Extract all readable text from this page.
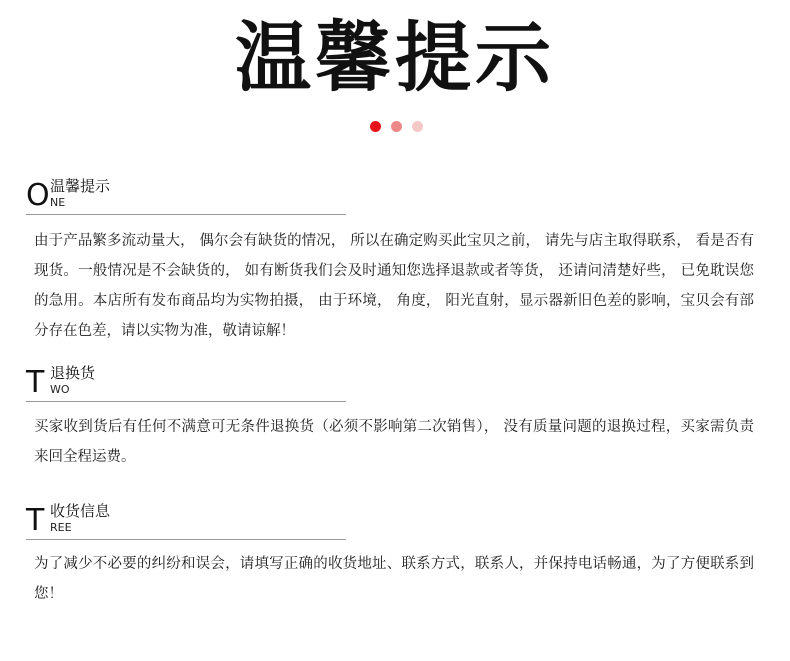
温馨提示
O 温馨提示
NE
由于产品繁多流动量大， 偶尔会有缺货的情况， 所以在确定购买此宝贝之前， 请先与店主取得联系， 看是否有现货。一般情况是不会缺货的， 如有断货我们会及时通知您选择退款或者等货， 还请问清楚好些， 已免耽误您的急用。本店所有发布商品均为实物拍摄， 由于环境， 角度， 阳光直射，显示器新旧色差的影响，宝贝会有部分存在色差，请以实物为准，敬请谅解！
T 退换货
WO
买家收到货后有任何不满意可无条件退换货（必须不影响第二次销售）， 没有质量问题的退换过程，买家需负责来回全程运费。
T 收货信息
REE
为了减少不必要的纠纷和误会，请填写正确的收货地址、联系方式，联系人，并保持电话畅通，为了方便联系到您！
